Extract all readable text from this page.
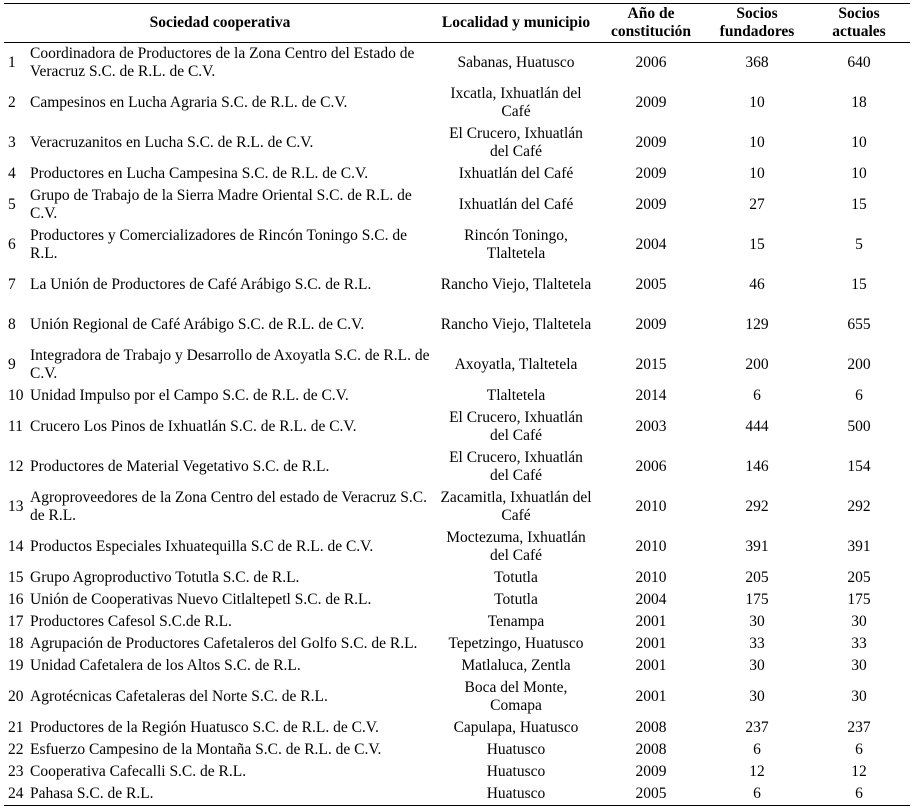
Sociedad cooperativa		Localidad y municipio	Año de constitución	Socios fundadores	Socios actuales
1	Coordinadora de Productores de la Zona Centro del Estado de Veracruz S.C. de R.L. de C.V.	Sabanas, Huatusco	2006	368	640
2	Campesinos en Lucha Agraria S.C. de R.L. de C.V.	Ixcatla, Ixhuatlán del Café	2009	10	18
3	Veracruzanitos en Lucha S.C. de R.L. de C.V.	El Crucero, Ixhuatlán del Café	2009	10	10
4	Productores en Lucha Campesina S.C. de R.L. de C.V.	Ixhuatlán del Café	2009	10	10
5	Grupo de Trabajo de la Sierra Madre Oriental S.C. de R.L. de C.V.	Ixhuatlán del Café	2009	27	15
6	Productores y Comercializadores de Rincón Toningo S.C. de R.L.	Rincón Toningo, Tlaltetela	2004	15	5
7	La Unión de Productores de Café Arábigo S.C. de R.L.	Rancho Viejo, Tlaltetela	2005	46	15
8	Unión Regional de Café Arábigo S.C. de R.L. de C.V.	Rancho Viejo, Tlaltetela	2009	129	655
9	Integradora de Trabajo y Desarrollo de Axoyatla S.C. de R.L. de C.V.	Axoyatla, Tlaltetela	2015	200	200
10	Unidad Impulso por el Campo S.C. de R.L. de C.V.	Tlaltetela	2014	6	6
11	Crucero Los Pinos de Ixhuatlán S.C. de R.L. de C.V.	El Crucero, Ixhuatlán del Café	2003	444	500
12	Productores de Material Vegetativo S.C. de R.L.	El Crucero, Ixhuatlán del Café	2006	146	154
13	Agroproveedores de la Zona Centro del estado de Veracruz S.C. de R.L.	Zacamitla, Ixhuatlán del Café	2010	292	292
14	Productos Especiales Ixhuatequilla S.C de R.L. de C.V.	Moctezuma, Ixhuatlán del Café	2010	391	391
15	Grupo Agroproductivo Totutla S.C. de R.L.	Totutla	2010	205	205
16	Unión de Cooperativas Nuevo Citlaltepetl S.C. de R.L.	Totutla	2004	175	175
17	Productores Cafesol S.C.de R.L.	Tenampa	2001	30	30
18	Agrupación de Productores Cafetaleros del Golfo S.C. de R.L.	Tepetzingo, Huatusco	2001	33	33
19	Unidad Cafetalera de los Altos S.C. de R.L.	Matlaluca, Zentla	2001	30	30
20	Agrotécnicas Cafetaleras del Norte S.C. de R.L.	Boca del Monte, Comapa	2001	30	30
21	Productores de la Región Huatusco S.C. de R.L. de C.V.	Capulapa, Huatusco	2008	237	237
22	Esfuerzo Campesino de la Montaña S.C. de R.L. de C.V.	Huatusco	2008	6	6
23	Cooperativa Cafecalli S.C. de R.L.	Huatusco	2009	12	12
24	Pahasa S.C. de R.L.	Huatusco	2005	6	6
